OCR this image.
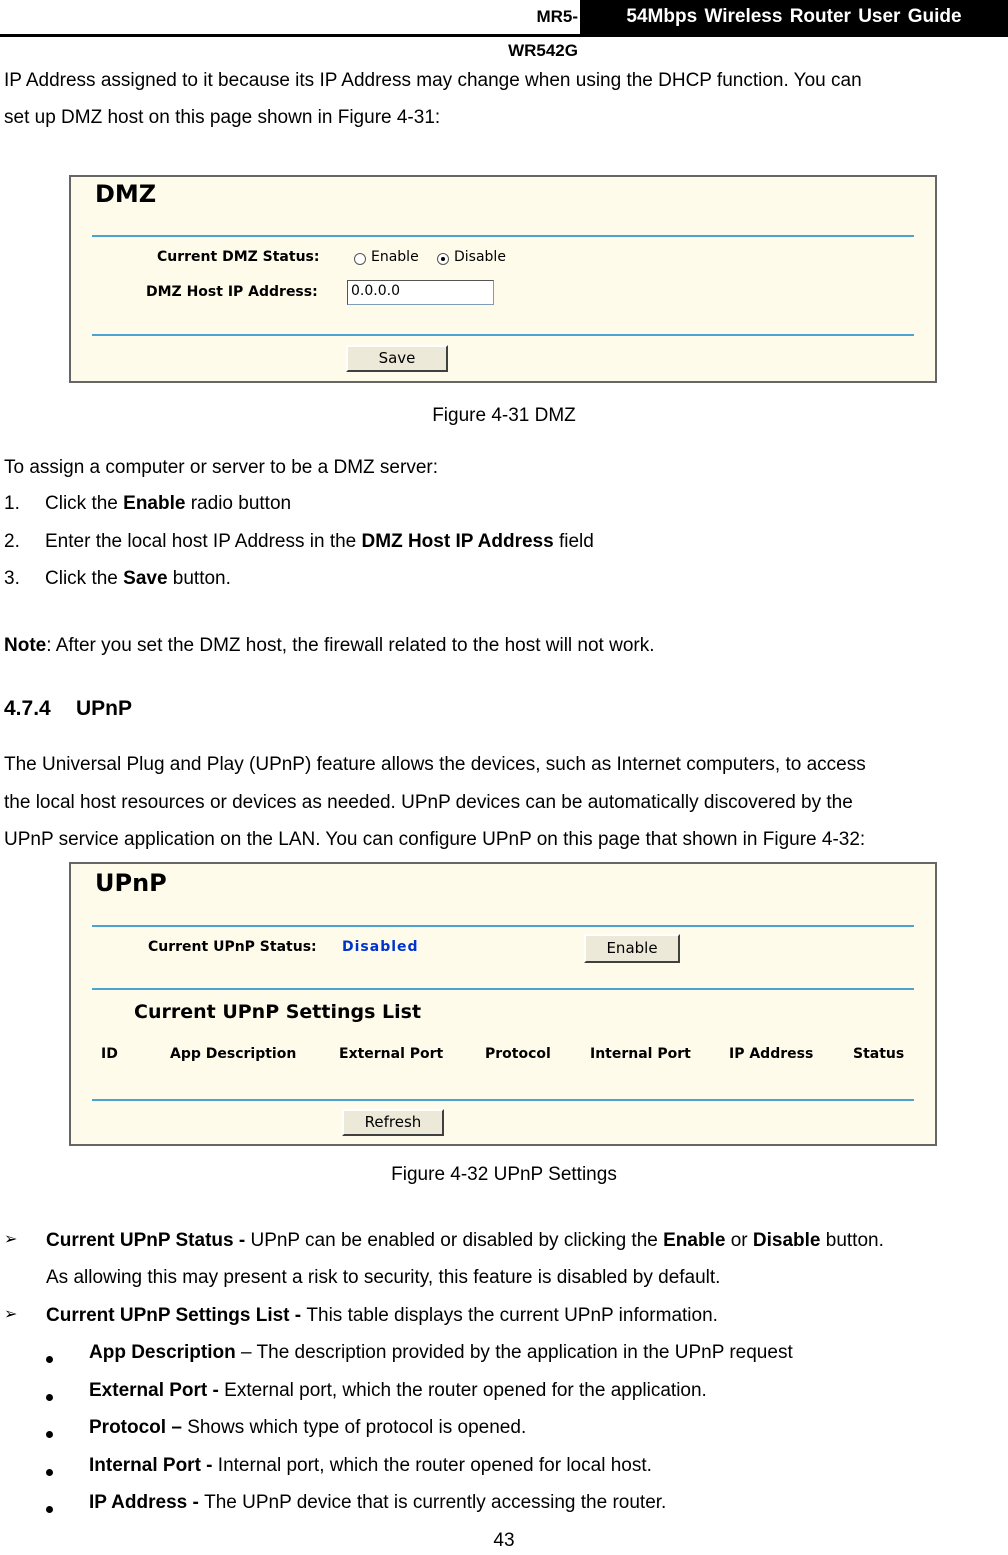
MR5-WR542G
54Mbps Wireless Router User Guide

IP Address assigned to it because its IP Address may change when using the DHCP function. You can

set up DMZ host on this page shown in Figure 4-31:

DMZ
Current DMZ Status:	Enable	Disable
DMZ Host IP Address: 0.0.0.0
Save
Figure 4-31 DMZ

To assign a computer or server to be a DMZ server:

1. Click the Enable radio button
2. Enter the local host IP Address in the DMZ Host IP Address field
3. Click the Save button.

Note: After you set the DMZ host, the firewall related to the host will not work.

4.7.4 UPnP

The Universal Plug and Play (UPnP) feature allows the devices, such as Internet computers, to access

the local host resources or devices as needed. UPnP devices can be automatically discovered by the

UPnP service application on the LAN. You can configure UPnP on this page that shown in Figure 4-32:

UPnP
Current UPnP Status: Disabled	Enable
Current UPnP Settings List
ID	App Description	External Port	Protocol	Internal Port	IP Address	Status
Refresh
Figure 4-32 UPnP Settings
➢ Current UPnP Status - UPnP can be enabled or disabled by clicking the Enable or Disable button.
As allowing this may present a risk to security, this feature is disabled by default.
➢ Current UPnP Settings List - This table displays the current UPnP information.
App Description – The description provided by the application in the UPnP request
External Port - External port, which the router opened for the application.
Protocol – Shows which type of protocol is opened.
Internal Port - Internal port, which the router opened for local host.
IP Address - The UPnP device that is currently accessing the router.
43
